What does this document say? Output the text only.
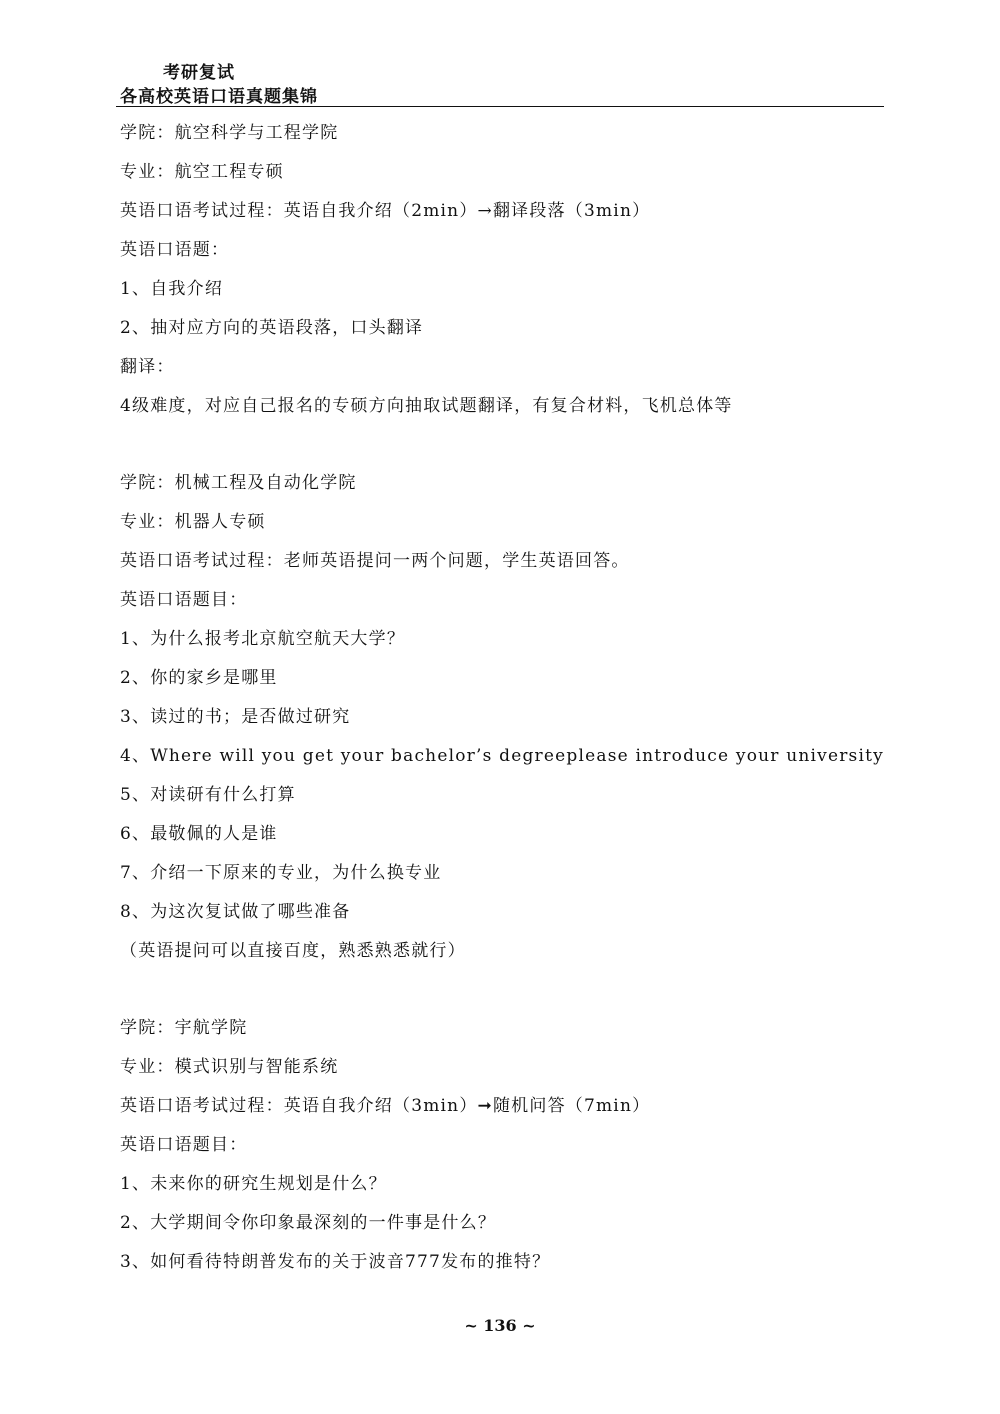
考研复试
各高校英语口语真题集锦
学院：航空科学与工程学院
专业：航空工程专硕
英语口语考试过程：英语自我介绍（2min）→翻译段落（3min）
英语口语题：
1、自我介绍
2、抽对应方向的英语段落，口头翻译
翻译：
4级难度，对应自己报名的专硕方向抽取试题翻译，有复合材料，飞机总体等
学院：机械工程及自动化学院
专业：机器人专硕
英语口语考试过程：老师英语提问一两个问题，学生英语回答。
英语口语题目：
1、为什么报考北京航空航天大学？
2、你的家乡是哪里
3、读过的书；是否做过研究
4、Where will you get your bachelor’s degreeplease introduce your university
5、对读研有什么打算
6、最敬佩的人是谁
7、介绍一下原来的专业，为什么换专业
8、为这次复试做了哪些准备
（英语提问可以直接百度，熟悉熟悉就行）
学院：宇航学院
专业：模式识别与智能系统
英语口语考试过程：英语自我介绍（3min）➞随机问答（7min）
英语口语题目：
1、未来你的研究生规划是什么？
2、大学期间令你印象最深刻的一件事是什么？
3、如何看待特朗普发布的关于波音777发布的推特？
~ 136 ~
